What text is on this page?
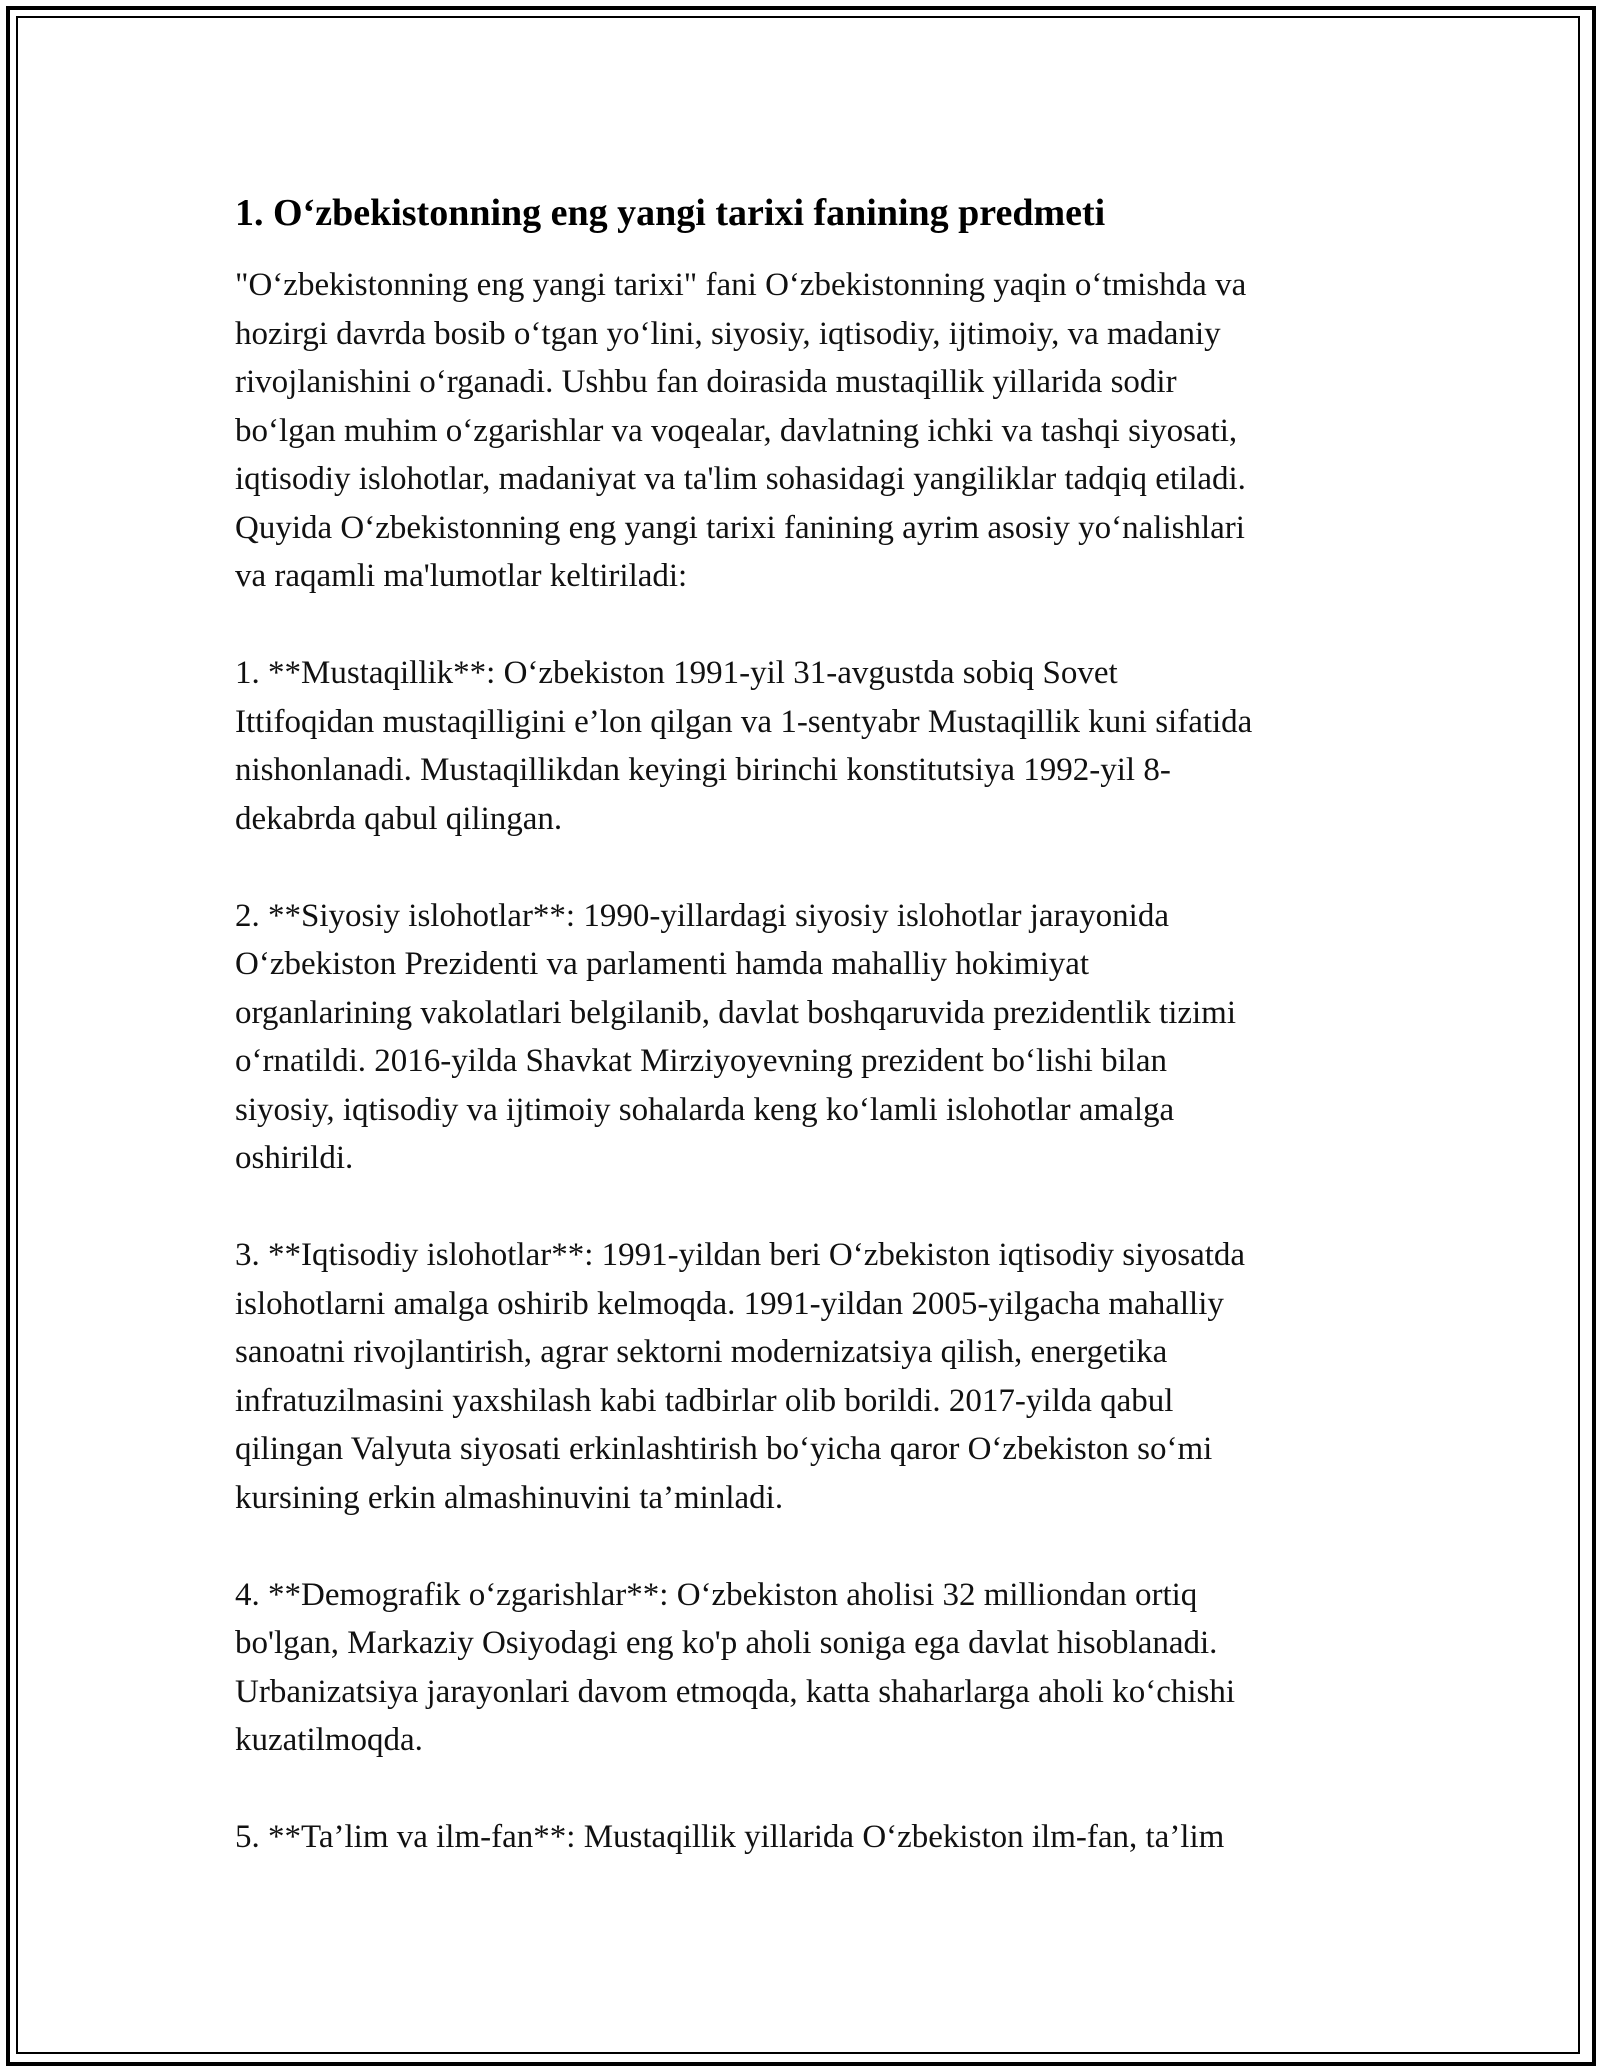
1. O‘zbekistonning eng yangi tarixi fanining predmeti
"O‘zbekistonning eng yangi tarixi" fani O‘zbekistonning yaqin o‘tmishda va
hozirgi davrda bosib o‘tgan yo‘lini, siyosiy, iqtisodiy, ijtimoiy, va madaniy
rivojlanishini o‘rganadi. Ushbu fan doirasida mustaqillik yillarida sodir
bo‘lgan muhim o‘zgarishlar va voqealar, davlatning ichki va tashqi siyosati,
iqtisodiy islohotlar, madaniyat va ta'lim sohasidagi yangiliklar tadqiq etiladi.
Quyida O‘zbekistonning eng yangi tarixi fanining ayrim asosiy yo‘nalishlari
va raqamli ma'lumotlar keltiriladi:
1. **Mustaqillik**: O‘zbekiston 1991-yil 31-avgustda sobiq Sovet
Ittifoqidan mustaqilligini e’lon qilgan va 1-sentyabr Mustaqillik kuni sifatida
nishonlanadi. Mustaqillikdan keyingi birinchi konstitutsiya 1992-yil 8-
dekabrda qabul qilingan.
2. **Siyosiy islohotlar**: 1990-yillardagi siyosiy islohotlar jarayonida
O‘zbekiston Prezidenti va parlamenti hamda mahalliy hokimiyat
organlarining vakolatlari belgilanib, davlat boshqaruvida prezidentlik tizimi
o‘rnatildi. 2016-yilda Shavkat Mirziyoyevning prezident bo‘lishi bilan
siyosiy, iqtisodiy va ijtimoiy sohalarda keng ko‘lamli islohotlar amalga
oshirildi.
3. **Iqtisodiy islohotlar**: 1991-yildan beri O‘zbekiston iqtisodiy siyosatda
islohotlarni amalga oshirib kelmoqda. 1991-yildan 2005-yilgacha mahalliy
sanoatni rivojlantirish, agrar sektorni modernizatsiya qilish, energetika
infratuzilmasini yaxshilash kabi tadbirlar olib borildi. 2017-yilda qabul
qilingan Valyuta siyosati erkinlashtirish bo‘yicha qaror O‘zbekiston so‘mi
kursining erkin almashinuvini ta’minladi.
4. **Demografik o‘zgarishlar**: O‘zbekiston aholisi 32 milliondan ortiq
bo'lgan, Markaziy Osiyodagi eng ko'p aholi soniga ega davlat hisoblanadi.
Urbanizatsiya jarayonlari davom etmoqda, katta shaharlarga aholi ko‘chishi
kuzatilmoqda.
5. **Ta’lim va ilm-fan**: Mustaqillik yillarida O‘zbekiston ilm-fan, ta’lim
